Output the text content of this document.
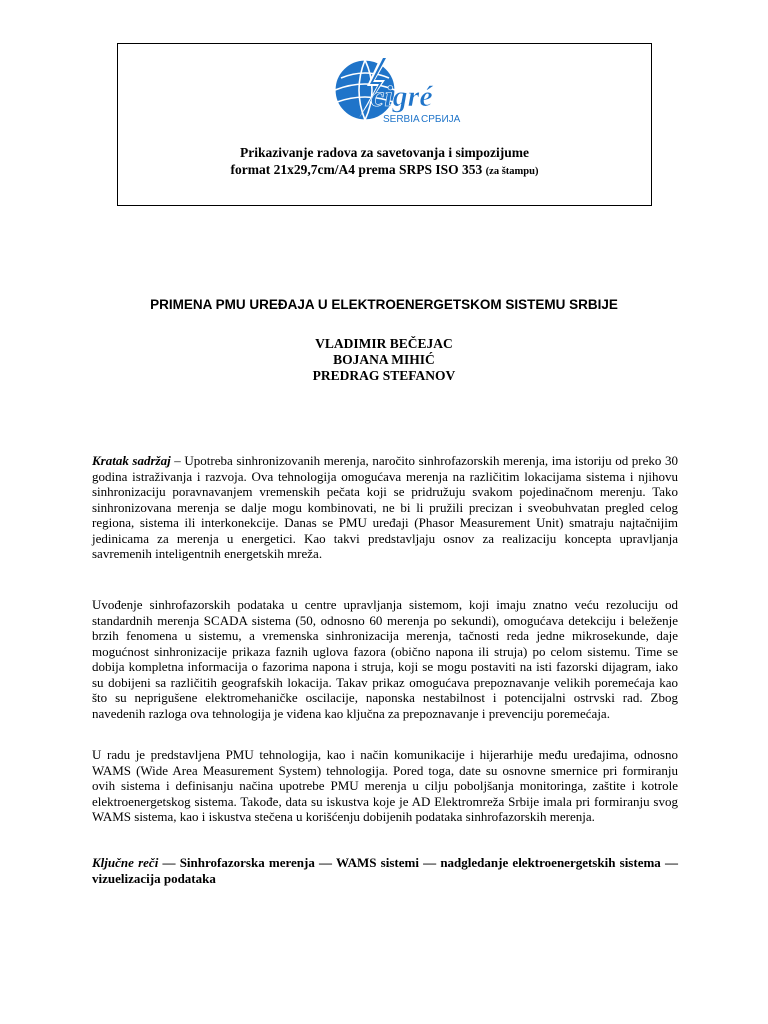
cigré
SERBIA СРБИЈА
Prikazivanje radova za savetovanja i simpozijume
format 21x29,7cm/A4 prema SRPS ISO 353 (za štampu)
PRIMENA PMU UREĐAJA U ELEKTROENERGETSKOM SISTEMU SRBIJE
VLADIMIR BEČEJAC
BOJANA MIHIĆ
PREDRAG STEFANOV
Kratak sadržaj – Upotreba sinhronizovanih merenja, naročito sinhrofazorskih merenja, ima istoriju od preko 30 godina istraživanja i razvoja. Ova tehnologija omogućava merenja na različitim lokacijama sistema i njihovu sinhronizaciju poravnavanjem vremenskih pečata koji se pridružuju svakom pojedinačnom merenju. Tako sinhronizovana merenja se dalje mogu kombinovati, ne bi li pružili precizan i sveobuhvatan pregled celog regiona, sistema ili interkonekcije. Danas se PMU uređaji (Phasor Measurement Unit) smatraju najtačnijim jedinicama za merenja u energetici. Kao takvi predstavljaju osnov za realizaciju koncepta upravljanja savremenih inteligentnih energetskih mreža.
Uvođenje sinhrofazorskih podataka u centre upravljanja sistemom, koji imaju znatno veću rezoluciju od standardnih merenja SCADA sistema (50, odnosno 60 merenja po sekundi), omogućava detekciju i beleženje brzih fenomena u sistemu, a vremenska sinhronizacija merenja, tačnosti reda jedne mikrosekunde, daje mogućnost sinhronizacije prikaza faznih uglova fazora (obično napona ili struja) po celom sistemu. Time se dobija kompletna informacija o fazorima napona i struja, koji se mogu postaviti na isti fazorski dijagram, iako su dobijeni sa različitih geografskih lokacija. Takav prikaz omogućava prepoznavanje velikih poremećaja kao što su neprigušene elektromehaničke oscilacije, naponska nestabilnost i potencijalni ostrvski rad. Zbog navedenih razloga ova tehnologija je viđena kao ključna za prepoznavanje i prevenciju poremećaja.
U radu je predstavljena PMU tehnologija, kao i način komunikacije i hijerarhije među uređajima, odnosno WAMS (Wide Area Measurement System) tehnologija. Pored toga, date su osnovne smernice pri formiranju ovih sistema i definisanju načina upotrebe PMU merenja u cilju poboljšanja monitoringa, zaštite i kotrole elektroenergetskog sistema. Takođe, data su iskustva koje je AD Elektromreža Srbije imala pri formiranju svog WAMS sistema, kao i iskustva stečena u korišćenju dobijenih podataka sinhrofazorskih merenja.
Ključne reči — Sinhrofazorska merenja — WAMS sistemi — nadgledanje elektroenergetskih sistema — vizuelizacija podataka
